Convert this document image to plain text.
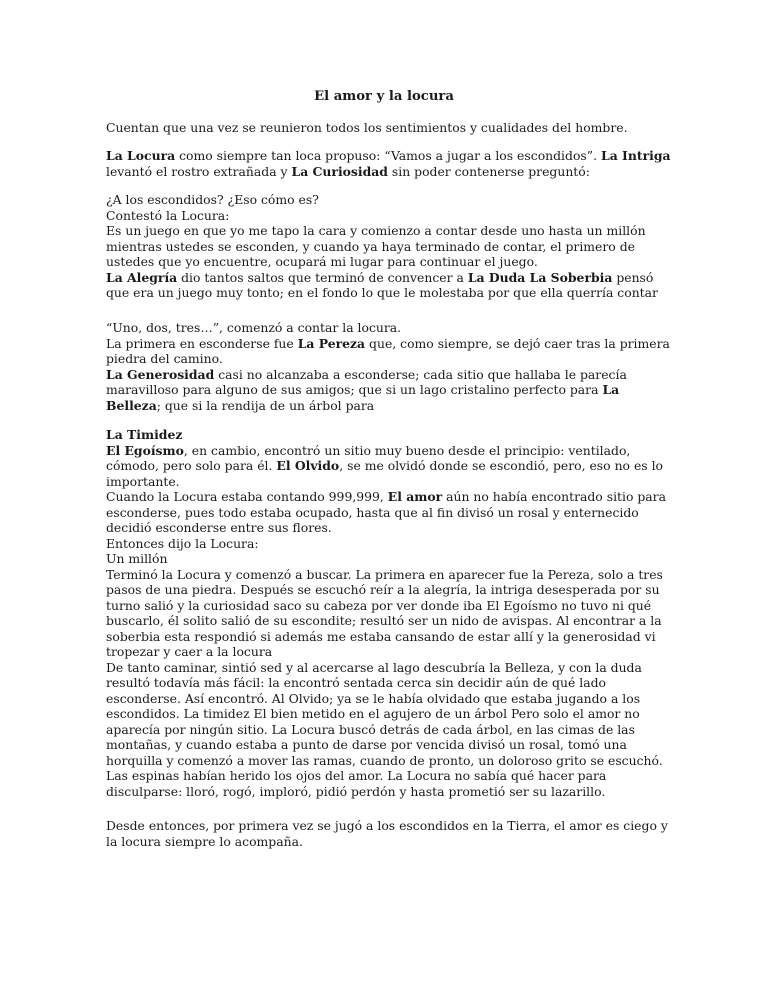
El amor y la locura

Cuentan que una vez se reunieron todos los sentimientos y cualidades del hombre.

La Locura como siempre tan loca propuso: “Vamos a jugar a los escondidos”. La Intriga levantó el rostro extrañada y La Curiosidad sin poder contenerse preguntó:

¿A los escondidos? ¿Eso cómo es?

Contestó la Locura:

Es un juego en que yo me tapo la cara y comienzo a contar desde uno hasta un millón mientras ustedes se esconden, y cuando ya haya terminado de contar, el primero de ustedes que yo encuentre, ocupará mi lugar para continuar el juego.

La Alegría dio tantos saltos que terminó de convencer a La Duda La Soberbia pensó que era un juego muy tonto; en el fondo lo que le molestaba por que ella querría contar

“Uno, dos, tres…”, comenzó a contar la locura.

La primera en esconderse fue La Pereza que, como siempre, se dejó caer tras la primera piedra del camino.

La Generosidad casi no alcanzaba a esconderse; cada sitio que hallaba le parecía maravilloso para alguno de sus amigos; que si un lago cristalino perfecto para La Belleza; que si la rendija de un árbol para

La Timidez

El Egoísmo, en cambio, encontró un sitio muy bueno desde el principio: ventilado, cómodo, pero solo para él. El Olvido, se me olvidó donde se escondió, pero, eso no es lo importante.

Cuando la Locura estaba contando 999,999, El amor aún no había encontrado sitio para esconderse, pues todo estaba ocupado, hasta que al fin divisó un rosal y enternecido decidió esconderse entre sus flores.

Entonces dijo la Locura:

Un millón

Terminó la Locura y comenzó a buscar. La primera en aparecer fue la Pereza, solo a tres pasos de una piedra. Después se escuchó reír a la alegría, la intriga desesperada por su turno salió y la curiosidad saco su cabeza por ver donde iba El Egoísmo no tuvo ni qué buscarlo, él solito salió de su escondite; resultó ser un nido de avispas. Al encontrar a la soberbia esta respondió si además me estaba cansando de estar allí y la generosidad vi tropezar y caer a la locura

De tanto caminar, sintió sed y al acercarse al lago descubría la Belleza, y con la duda resultó todavía más fácil: la encontró sentada cerca sin decidir aún de qué lado esconderse. Así encontró. Al Olvido; ya se le había olvidado que estaba jugando a los escondidos. La timidez El bien metido en el agujero de un árbol Pero solo el amor no aparecía por ningún sitio. La Locura buscó detrás de cada árbol, en las cimas de las montañas, y cuando estaba a punto de darse por vencida divisó un rosal, tomó una horquilla y comenzó a mover las ramas, cuando de pronto, un doloroso grito se escuchó. Las espinas habían herido los ojos del amor. La Locura no sabía qué hacer para disculparse: lloró, rogó, imploró, pidió perdón y hasta prometió ser su lazarillo.

Desde entonces, por primera vez se jugó a los escondidos en la Tierra, el amor es ciego y la locura siempre lo acompaña.
